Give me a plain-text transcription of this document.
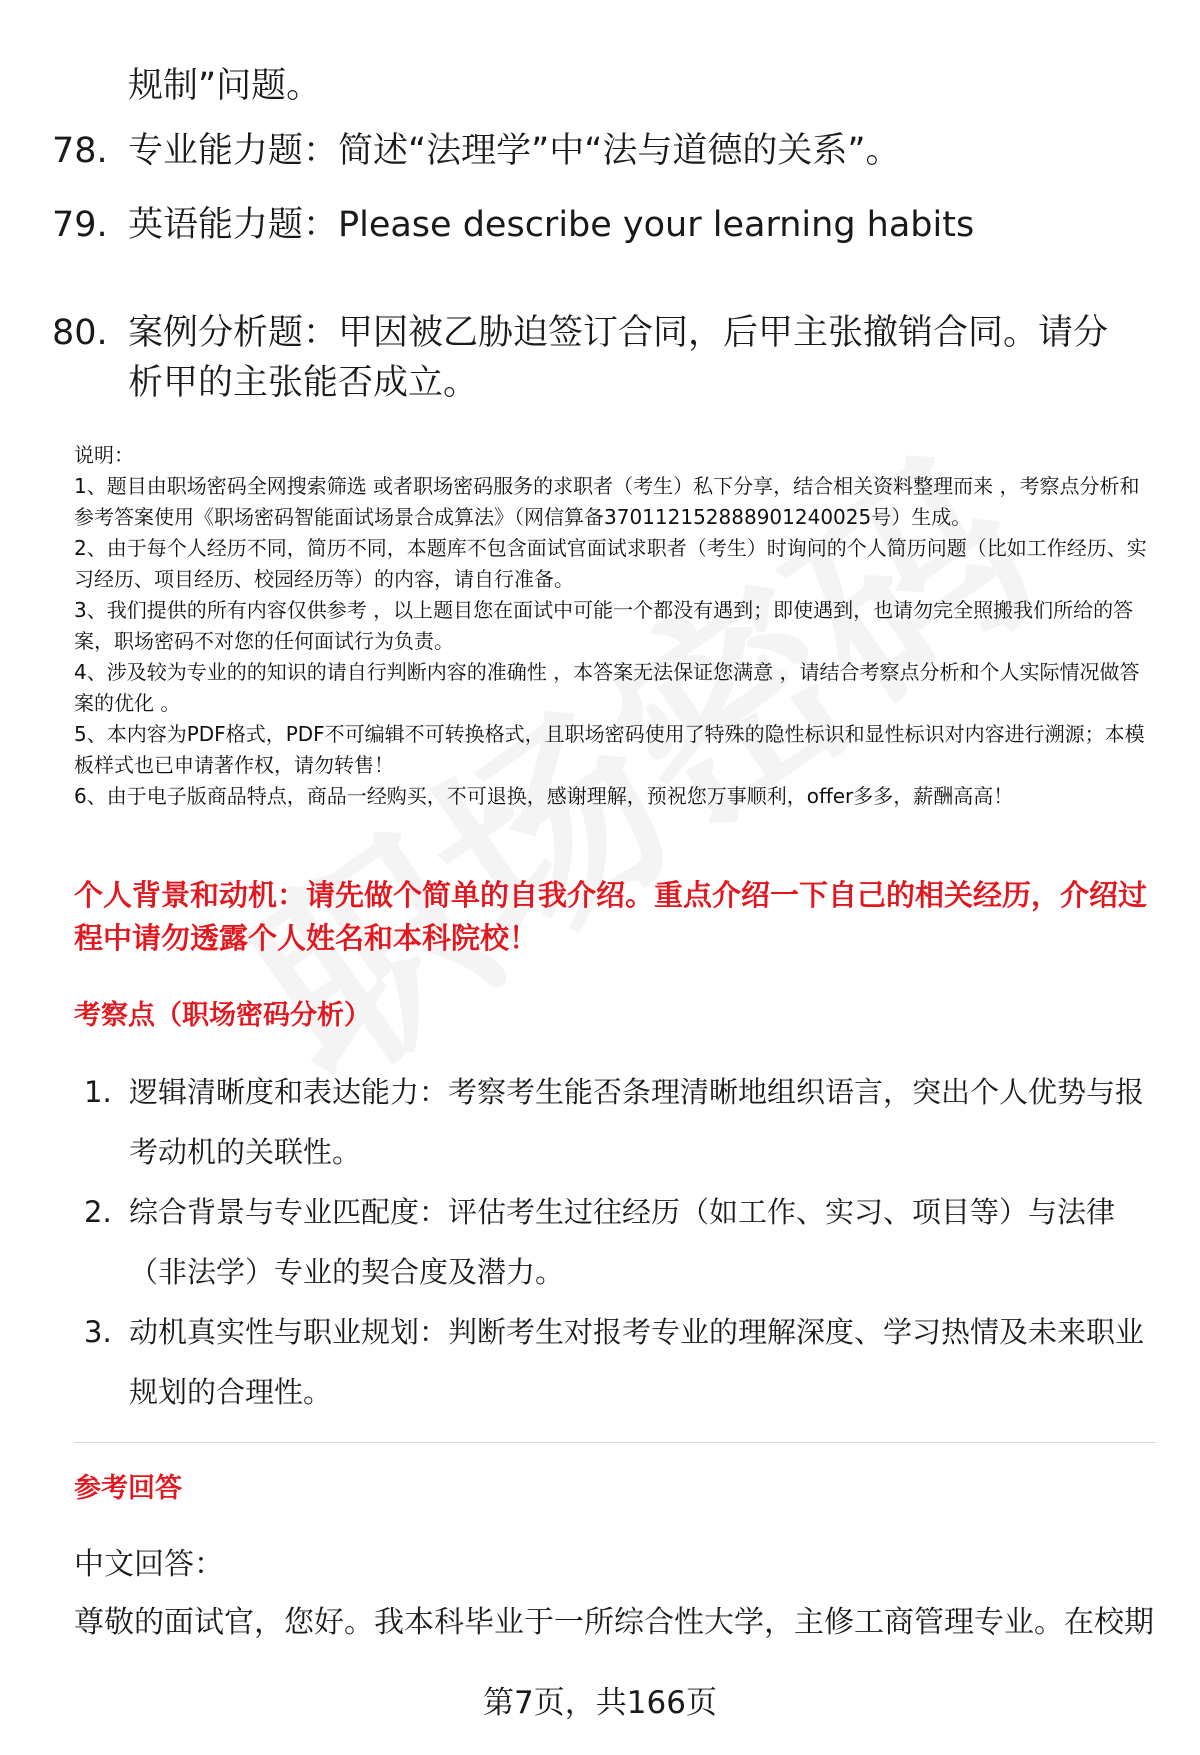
规制”问题。
78. 专业能力题：简述“法理学”中“法与道德的关系”。
79. 英语能力题：Please describe your learning habits
80. 案例分析题：甲因被乙胁迫签订合同，后甲主张撤销合同。请分析甲的主张能否成立。

说明：

1、题目由职场密码全网搜索筛选 或者职场密码服务的求职者（考生）私下分享，结合相关资料整理而来 ，考察点分析和参考答案使用《职场密码智能面试场景合成算法》（网信算备370112152888901240025号）生成。

2、由于每个人经历不同，简历不同，本题库不包含面试官面试求职者（考生）时询问的个人简历问题（比如工作经历、实习经历、项目经历、校园经历等）的内容，请自行准备。

3、我们提供的所有内容仅供参考 ，以上题目您在面试中可能一个都没有遇到；即使遇到，也请勿完全照搬我们所给的答案，职场密码不对您的任何面试行为负责。

4、涉及较为专业的的知识的请自行判断内容的准确性 ，本答案无法保证您满意 ，请结合考察点分析和个人实际情况做答案的优化 。

5、本内容为PDF格式，PDF不可编辑不可转换格式，且职场密码使用了特殊的隐性标识和显性标识对内容进行溯源；本模板样式也已申请著作权，请勿转售！

6、由于电子版商品特点，商品一经购买，不可退换，感谢理解，预祝您万事顺利，offer多多，薪酬高高！

个人背景和动机：请先做个简单的自我介绍。重点介绍一下自己的相关经历，介绍过程中请勿透露个人姓名和本科院校！
考察点（职场密码分析）
1. 逻辑清晰度和表达能力：考察考生能否条理清晰地组织语言，突出个人优势与报考动机的关联性。
2. 综合背景与专业匹配度：评估考生过往经历（如工作、实习、项目等）与法律（非法学）专业的契合度及潜力。
3. 动机真实性与职业规划：判断考生对报考专业的理解深度、学习热情及未来职业规划的合理性。
参考回答
中文回答：
尊敬的面试官，您好。我本科毕业于一所综合性大学，主修工商管理专业。在校期
第7页，共166页
